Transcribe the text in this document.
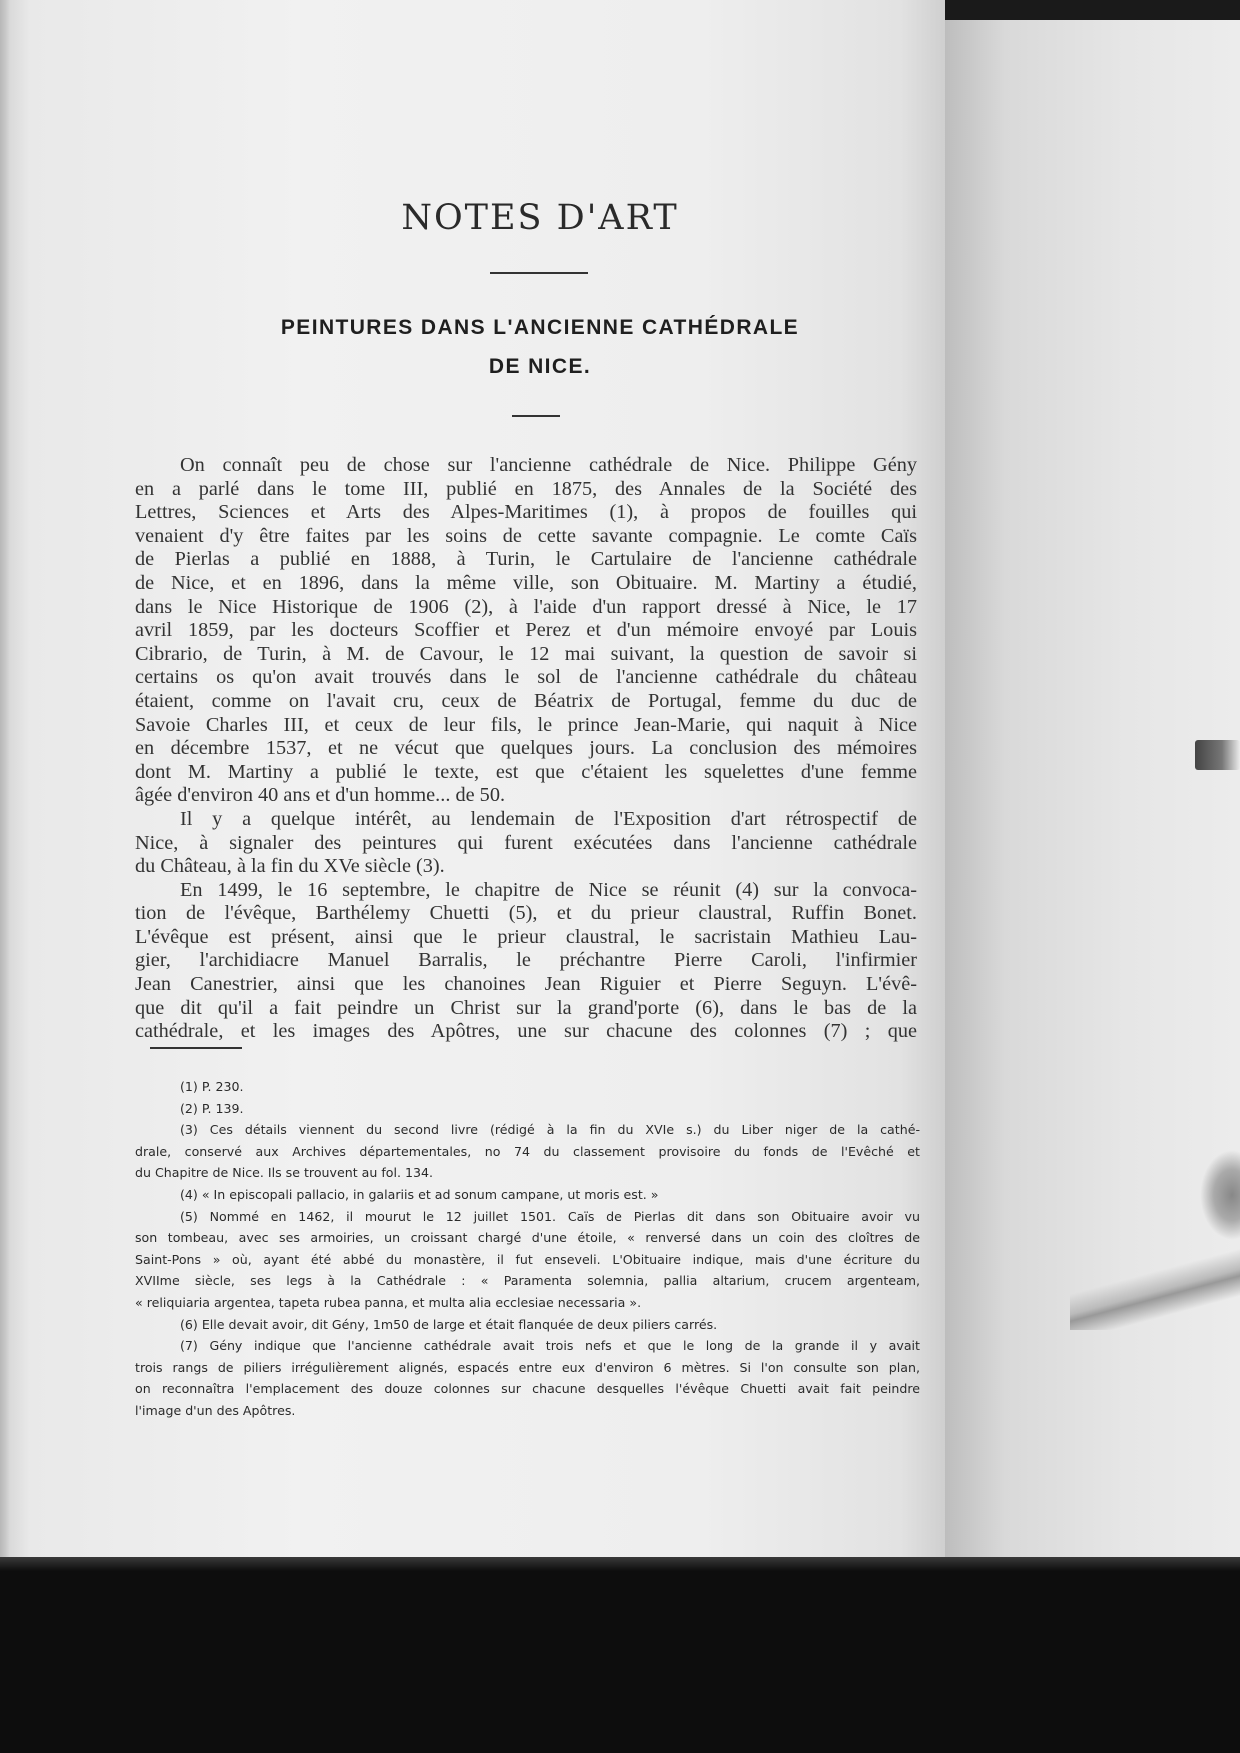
NOTES D'ART
PEINTURES DANS L'ANCIENNE CATHÉDRALE
DE NICE.
On connaît peu de chose sur l'ancienne cathédrale de Nice. Philippe Gény
en a parlé dans le tome III, publié en 1875, des Annales de la Société des
Lettres, Sciences et Arts des Alpes-Maritimes (1), à propos de fouilles qui
venaient d'y être faites par les soins de cette savante compagnie. Le comte Caïs
de Pierlas a publié en 1888, à Turin, le Cartulaire de l'ancienne cathédrale
de Nice, et en 1896, dans la même ville, son Obituaire. M. Martiny a étudié,
dans le Nice Historique de 1906 (2), à l'aide d'un rapport dressé à Nice, le 17
avril 1859, par les docteurs Scoffier et Perez et d'un mémoire envoyé par Louis
Cibrario, de Turin, à M. de Cavour, le 12 mai suivant, la question de savoir si
certains os qu'on avait trouvés dans le sol de l'ancienne cathédrale du château
étaient, comme on l'avait cru, ceux de Béatrix de Portugal, femme du duc de
Savoie Charles III, et ceux de leur fils, le prince Jean-Marie, qui naquit à Nice
en décembre 1537, et ne vécut que quelques jours. La conclusion des mémoires
dont M. Martiny a publié le texte, est que c'étaient les squelettes d'une femme
âgée d'environ 40 ans et d'un homme... de 50.
Il y a quelque intérêt, au lendemain de l'Exposition d'art rétrospectif de
Nice, à signaler des peintures qui furent exécutées dans l'ancienne cathédrale
du Château, à la fin du XVe siècle (3).
En 1499, le 16 septembre, le chapitre de Nice se réunit (4) sur la convoca-
tion de l'évêque, Barthélemy Chuetti (5), et du prieur claustral, Ruffin Bonet.
L'évêque est présent, ainsi que le prieur claustral, le sacristain Mathieu Lau-
gier, l'archidiacre Manuel Barralis, le préchantre Pierre Caroli, l'infirmier
Jean Canestrier, ainsi que les chanoines Jean Riguier et Pierre Seguyn. L'évê-
que dit qu'il a fait peindre un Christ sur la grand'porte (6), dans le bas de la
cathédrale, et les images des Apôtres, une sur chacune des colonnes (7) ; que
(1) P. 230.
(2) P. 139.
(3) Ces détails viennent du second livre (rédigé à la fin du XVIe s.) du Liber niger de la cathé-
drale, conservé aux Archives départementales, no 74 du classement provisoire du fonds de l'Evêché et
du Chapitre de Nice. Ils se trouvent au fol. 134.
(4) « In episcopali pallacio, in galariis et ad sonum campane, ut moris est. »
(5) Nommé en 1462, il mourut le 12 juillet 1501. Caïs de Pierlas dit dans son Obituaire avoir vu
son tombeau, avec ses armoiries, un croissant chargé d'une étoile, « renversé dans un coin des cloîtres de
Saint-Pons » où, ayant été abbé du monastère, il fut enseveli. L'Obituaire indique, mais d'une écriture du
XVIIme siècle, ses legs à la Cathédrale : « Paramenta solemnia, pallia altarium, crucem argenteam,
« reliquiaria argentea, tapeta rubea panna, et multa alia ecclesiae necessaria ».
(6) Elle devait avoir, dit Gény, 1m50 de large et était flanquée de deux piliers carrés.
(7) Gény indique que l'ancienne cathédrale avait trois nefs et que le long de la grande il y avait
trois rangs de piliers irrégulièrement alignés, espacés entre eux d'environ 6 mètres. Si l'on consulte son plan,
on reconnaîtra l'emplacement des douze colonnes sur chacune desquelles l'évêque Chuetti avait fait peindre
l'image d'un des Apôtres.
